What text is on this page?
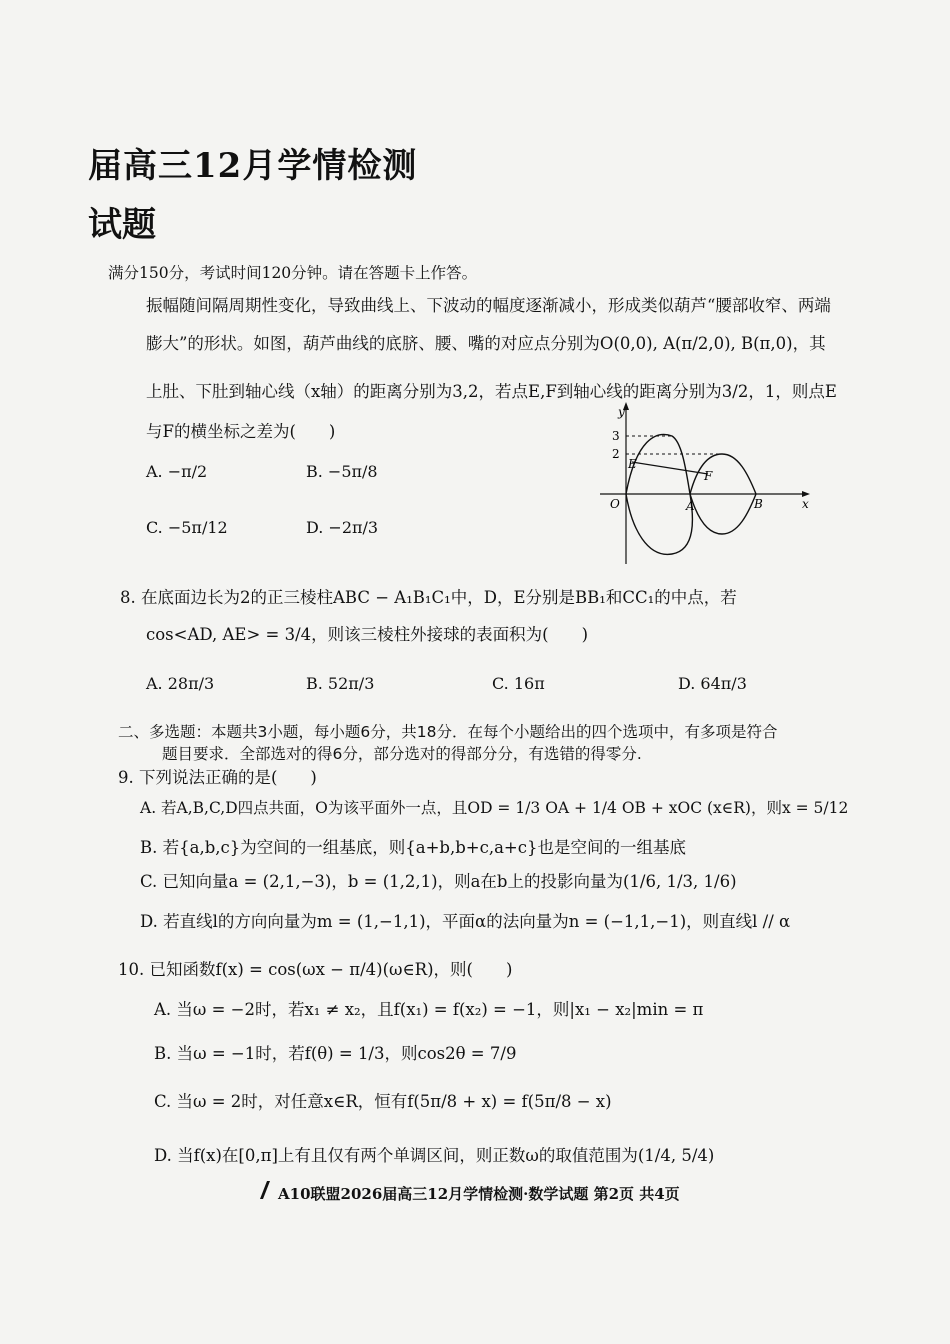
届高三12月学情检测
试题
满分150分，考试时间120分钟。请在答题卡上作答。
振幅随间隔周期性变化，导致曲线上、下波动的幅度逐渐减小，形成类似葫芦“腰部收窄、两端
膨大”的形状。如图，葫芦曲线的底脐、腰、嘴的对应点分别为O(0,0), A(π/2,0), B(π,0)，其
上肚、下肚到轴心线（x轴）的距离分别为3,2，若点E,F到轴心线的距离分别为3/2，1，则点E
与F的横坐标之差为(　　)
A. −π/2	B. −5π/8
C. −5π/12	D. −2π/3
y
x
O	A	B
E
F
3
2
8. 在底面边长为2的正三棱柱ABC − A₁B₁C₁中，D，E分别是BB₁和CC₁的中点，若
cos<AD, AE> = 3/4，则该三棱柱外接球的表面积为(　　)
A. 28π/3	B. 52π/3	C. 16π	D. 64π/3
二、多选题：本题共3小题，每小题6分，共18分．在每个小题给出的四个选项中，有多项是符合
题目要求．全部选对的得6分，部分选对的得部分分，有选错的得零分.
9. 下列说法正确的是(　　)
A. 若A,B,C,D四点共面，O为该平面外一点，且OD = 1/3 OA + 1/4 OB + xOC (x∈R)，则x = 5/12
B. 若{a,b,c}为空间的一组基底，则{a+b,b+c,a+c}也是空间的一组基底
C. 已知向量a = (2,1,−3)，b = (1,2,1)，则a在b上的投影向量为(1/6, 1/3, 1/6)
D. 若直线l的方向向量为m = (1,−1,1)，平面α的法向量为n = (−1,1,−1)，则直线l // α
10. 已知函数f(x) = cos(ωx − π/4)(ω∈R)，则(　　)
A. 当ω = −2时，若x₁ ≠ x₂，且f(x₁) = f(x₂) = −1，则|x₁ − x₂|min = π
B. 当ω = −1时，若f(θ) = 1/3，则cos2θ = 7/9
C. 当ω = 2时，对任意x∈R，恒有f(5π/8 + x) = f(5π/8 − x)
D. 当f(x)在[0,π]上有且仅有两个单调区间，则正数ω的取值范围为(1/4, 5/4)
A10联盟2026届高三12月学情检测·数学试题 第2页 共4页
